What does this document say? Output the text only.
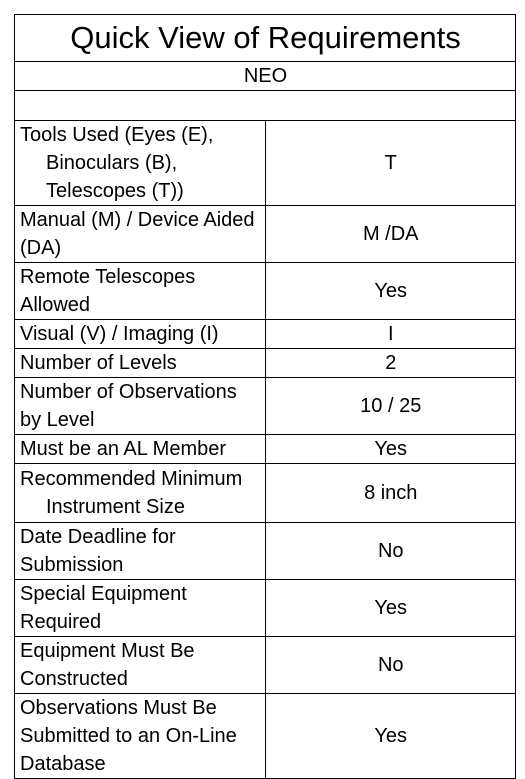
Quick View of Requirements	
NEO	

Tools Used (Eyes (E), Binoculars (B), Telescopes (T))	T
Manual (M) / Device Aided (DA)	M /DA
Remote Telescopes Allowed	Yes
Visual (V) / Imaging (I)	I
Number of Levels	2
Number of Observations by Level	10 / 25
Must be an AL Member	Yes

Recommended Minimum Instrument Size	8 inch
Date Deadline for Submission	No
Special Equipment Required	Yes
Equipment Must Be Constructed	No
Observations Must Be Submitted to an On-Line Database	Yes
